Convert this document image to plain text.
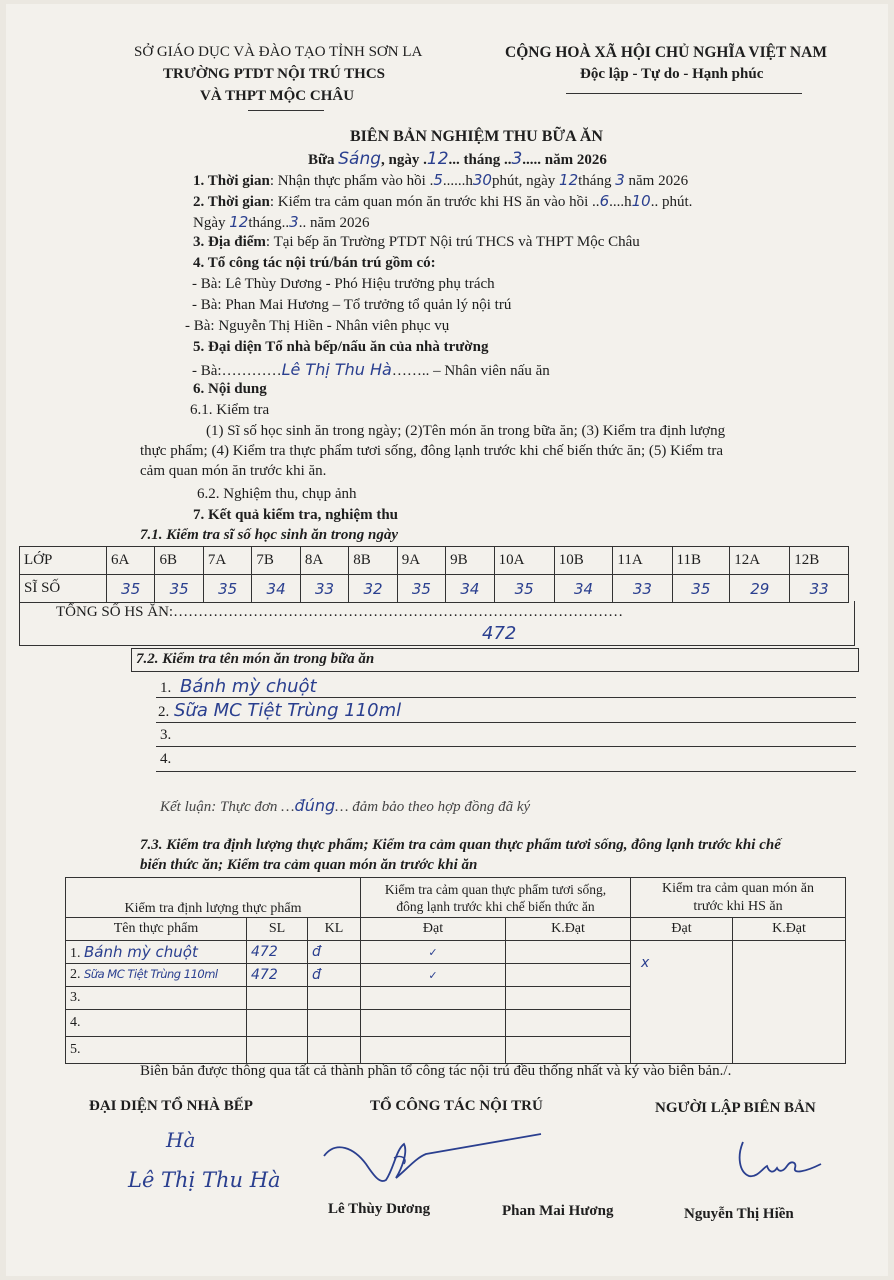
SỞ GIÁO DỤC VÀ ĐÀO TẠO TỈNH SƠN LA
TRƯỜNG PTDT NỘI TRÚ THCS
VÀ THPT MỘC CHÂU
CỘNG HOÀ XÃ HỘI CHỦ NGHĨA VIỆT NAM
Độc lập - Tự do - Hạnh phúc
BIÊN BẢN NGHIỆM THU BỮA ĂN
Bữa Sáng, ngày .12... tháng ..3..... năm 2026
1. Thời gian: Nhận thực phẩm vào hồi .5......h30phút, ngày 12tháng 3 năm 2026
2. Thời gian: Kiểm tra cảm quan món ăn trước khi HS ăn vào hồi ..6....h10.. phút.
Ngày 12tháng..3.. năm 2026
3. Địa điểm: Tại bếp ăn Trường PTDT Nội trú THCS và THPT Mộc Châu
4. Tổ công tác nội trú/bán trú gồm có:
- Bà: Lê Thùy Dương - Phó Hiệu trưởng phụ trách
- Bà: Phan Mai Hương – Tổ trưởng tổ quản lý nội trú
- Bà: Nguyễn Thị Hiền - Nhân viên phục vụ
5. Đại diện Tổ nhà bếp/nấu ăn của nhà trường
- Bà:…………Lê Thị Thu Hà…….. – Nhân viên nấu ăn
6. Nội dung
6.1. Kiểm tra
(1) Sĩ số học sinh ăn trong ngày; (2)Tên món ăn trong bữa ăn; (3) Kiểm tra định lượng
thực phẩm; (4) Kiểm tra thực phẩm tươi sống, đông lạnh trước khi chế biến thức ăn; (5) Kiểm tra
cảm quan món ăn trước khi ăn.
6.2. Nghiệm thu, chụp ảnh
7. Kết quả kiểm tra, nghiệm thu
7.1. Kiểm tra sĩ số học sinh ăn trong ngày
LỚP	6A	6B	7A	7B	8A	8B	9A	9B	10A	10B	11A	11B	12A	12B
SĨ SỐ	35	35	35	34	33	32	35	34	35	34	33	35	29	33
TỔNG SỐ HS ĂN:………………………………………………………………………………
472
7.2. Kiểm tra tên món ăn trong bữa ăn
1. Bánh mỳ chuột
2. Sữa MC Tiệt Trùng 110ml
3.
4.
Kết luận: Thực đơn …đúng… đảm bảo theo hợp đồng đã ký
7.3. Kiểm tra định lượng thực phẩm; Kiểm tra cảm quan thực phẩm tươi sống, đông lạnh trước khi chế
biến thức ăn; Kiểm tra cảm quan món ăn trước khi ăn
Kiểm tra định lượng thực phẩm			Kiểm tra cảm quan thực phẩm tươi sống,
đông lạnh trước khi chế biến thức ăn		Kiểm tra cảm quan món ăn
trước khi HS ăn	
Tên thực phẩm	SL	KL	Đạt	K.Đạt	Đạt	K.Đạt
1. Bánh mỳ chuột	472	đ	✓		x	
2. Sữa MC Tiệt Trùng 110ml	472	đ	✓			
3.						
4.						
5.						
Biên bản được thông qua tất cả thành phần tổ công tác nội trú đều thống nhất và ký vào biên bản./.
ĐẠI DIỆN TỔ NHÀ BẾP	TỔ CÔNG TÁC NỘI TRÚ	NGƯỜI LẬP BIÊN BẢN
Hà
Lê Thị Thu Hà
Lê Thùy Dương	Phan Mai Hương	Nguyễn Thị Hiền
